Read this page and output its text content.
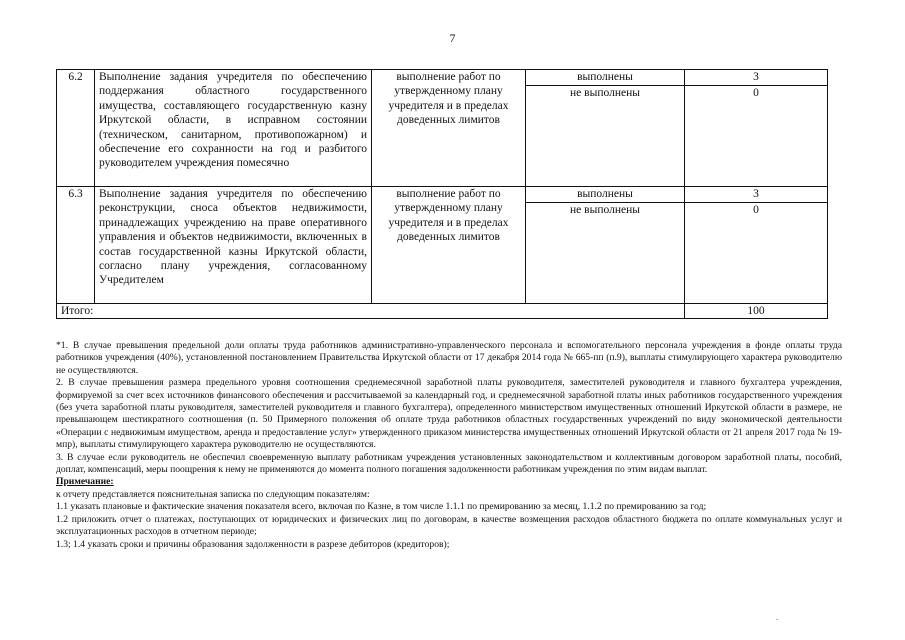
7
6.2	Выполнение задания учредителя по обеспечению поддержания областного государственного имущества, составляющего государственную казну Иркутской области, в исправном состоянии (техническом, санитарном, противопожарном) и обеспечение его сохранности на год и разбитого руководителем учреждения помесячно	выполнение работ по утвержденному плану учредителя и в пределах доведенных лимитов	выполнены	3
			не выполнены	0
6.3	Выполнение задания учредителя по обеспечению реконструкции, сноса объектов недвижимости, принадлежащих учреждению на праве оперативного управления и объектов недвижимости, включенных в состав государственной казны Иркутской области, согласно плану учреждения, согласованному Учредителем	выполнение работ по утвержденному плану учредителя и в пределах доведенных лимитов	выполнены	3
			не выполнены	0
Итого:				100

*1. В случае превышения предельной доли оплаты труда работников административно-управленческого персонала и вспомогательного персонала учреждения в фонде оплаты труда работников учреждения (40%), установленной постановлением Правительства Иркутской области от 17 декабря 2014 года № 665-пп (п.9), выплаты стимулирующего характера руководителю не осуществляются.

2. В случае превышения размера предельного уровня соотношения среднемесячной заработной платы руководителя, заместителей руководителя и главного бухгалтера учреждения, формируемой за счет всех источников финансового обеспечения и рассчитываемой за календарный год, и среднемесячной заработной платы иных работников государственного учреждения (без учета заработной платы руководителя, заместителей руководителя и главного бухгалтера), определенного министерством имущественных отношений Иркутской области в размере, не превышающем шестикратного соотношения (п. 50 Примерного положения об оплате труда работников областных государственных учреждений по виду экономической деятельности «Операции с недвижимым имуществом, аренда и предоставление услуг» утвержденного приказом министерства имущественных отношений Иркутской области от 21 апреля 2017 года № 19-мпр), выплаты стимулирующего характера руководителю не осуществляются.

3. В случае если руководитель не обеспечил своевременную выплату работникам учреждения установленных законодательством и коллективным договором заработной платы, пособий, доплат, компенсаций, меры поощрения к нему не применяются до момента полного погашения задолженности работникам учреждения по этим видам выплат.

Примечание:

к отчету представляется пояснительная записка по следующим показателям:

1.1 указать плановые и фактические значения показателя всего, включая по Казне, в том числе 1.1.1 по премированию за месяц, 1.1.2 по премированию за год;

1.2 приложить отчет о платежах, поступающих от юридических и физических лиц по договорам, в качестве возмещения расходов областного бюджета по оплате коммунальных услуг и эксплуатационных расходов в отчетном периоде;

1.3; 1.4 указать сроки и причины образования задолженности в разрезе дебиторов (кредиторов);

.
